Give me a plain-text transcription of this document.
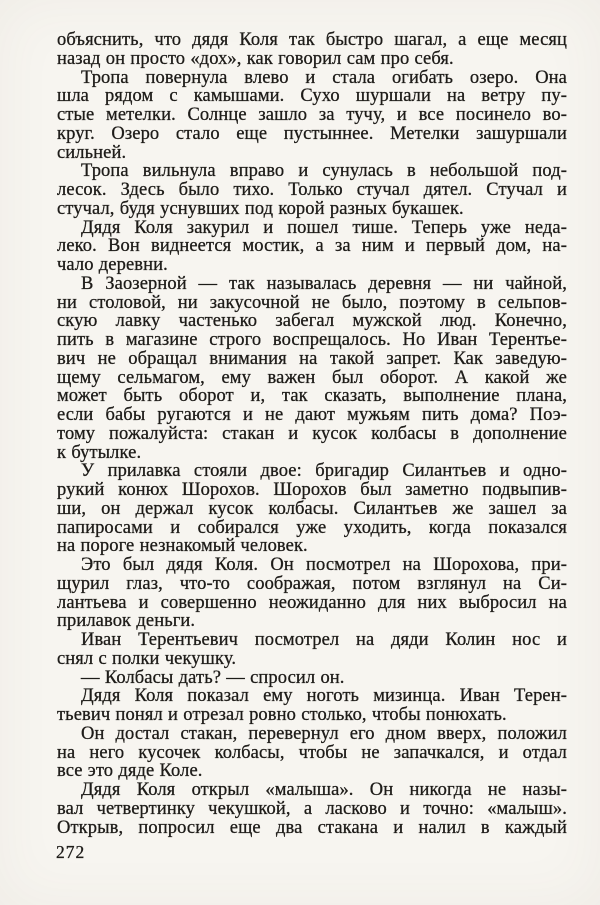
объяснить, что дядя Коля так быстро шагал, а еще месяц
назад он просто «дох», как говорил сам про себя.
Тропа повернула влево и стала огибать озеро. Она
шла рядом с камышами. Сухо шуршали на ветру пу-
стые метелки. Солнце зашло за тучу, и все посинело во-
круг. Озеро стало еще пустыннее. Метелки зашуршали
сильней.
Тропа вильнула вправо и сунулась в небольшой под-
лесок. Здесь было тихо. Только стучал дятел. Стучал и
стучал, будя уснувших под корой разных букашек.
Дядя Коля закурил и пошел тише. Теперь уже неда-
леко. Вон виднеется мостик, а за ним и первый дом, на-
чало деревни.
В Заозерной — так называлась деревня — ни чайной,
ни столовой, ни закусочной не было, поэтому в сельпов-
скую лавку частенько забегал мужской люд. Конечно,
пить в магазине строго воспрещалось. Но Иван Терентье-
вич не обращал внимания на такой запрет. Как заведую-
щему сельмагом, ему важен был оборот. А какой же
может быть оборот и, так сказать, выполнение плана,
если бабы ругаются и не дают мужьям пить дома? Поэ-
тому пожалуйста: стакан и кусок колбасы в дополнение
к бутылке.
У прилавка стояли двое: бригадир Силантьев и одно-
рукий конюх Шорохов. Шорохов был заметно подвыпив-
ши, он держал кусок колбасы. Силантьев же зашел за
папиросами и собирался уже уходить, когда показался
на пороге незнакомый человек.
Это был дядя Коля. Он посмотрел на Шорохова, при-
щурил глаз, что-то соображая, потом взглянул на Си-
лантьева и совершенно неожиданно для них выбросил на
прилавок деньги.
Иван Терентьевич посмотрел на дяди Колин нос и
снял с полки чекушку.
— Колбасы дать? — спросил он.
Дядя Коля показал ему ноготь мизинца. Иван Терен-
тьевич понял и отрезал ровно столько, чтобы понюхать.
Он достал стакан, перевернул его дном вверх, положил
на него кусочек колбасы, чтобы не запачкался, и отдал
все это дяде Коле.
Дядя Коля открыл «малыша». Он никогда не назы-
вал четвертинку чекушкой, а ласково и точно: «малыш».
Открыв, попросил еще два стакана и налил в каждый
272
